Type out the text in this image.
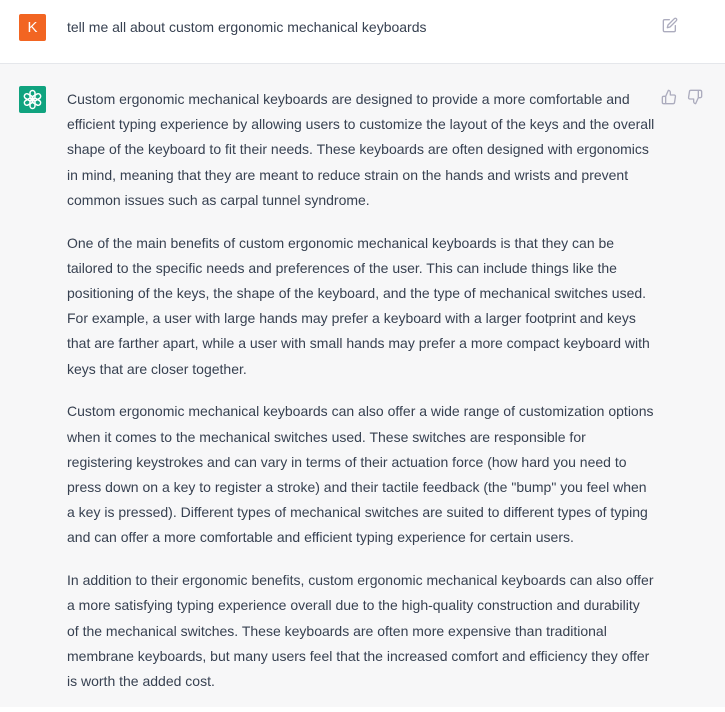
K	tell me all about custom ergonomic mechanical keyboards

Custom ergonomic mechanical keyboards are designed to provide a more comfortable and efficient typing experience by allowing users to customize the layout of the keys and the overall shape of the keyboard to fit their needs. These keyboards are often designed with ergonomics in mind, meaning that they are meant to reduce strain on the hands and wrists and prevent common issues such as carpal tunnel syndrome.

One of the main benefits of custom ergonomic mechanical keyboards is that they can be tailored to the specific needs and preferences of the user. This can include things like the positioning of the keys, the shape of the keyboard, and the type of mechanical switches used. For example, a user with large hands may prefer a keyboard with a larger footprint and keys that are farther apart, while a user with small hands may prefer a more compact keyboard with keys that are closer together.

Custom ergonomic mechanical keyboards can also offer a wide range of customization options when it comes to the mechanical switches used. These switches are responsible for registering keystrokes and can vary in terms of their actuation force (how hard you need to press down on a key to register a stroke) and their tactile feedback (the "bump" you feel when a key is pressed). Different types of mechanical switches are suited to different types of typing and can offer a more comfortable and efficient typing experience for certain users.

In addition to their ergonomic benefits, custom ergonomic mechanical keyboards can also offer a more satisfying typing experience overall due to the high-quality construction and durability of the mechanical switches. These keyboards are often more expensive than traditional membrane keyboards, but many users feel that the increased comfort and efficiency they offer is worth the added cost.
